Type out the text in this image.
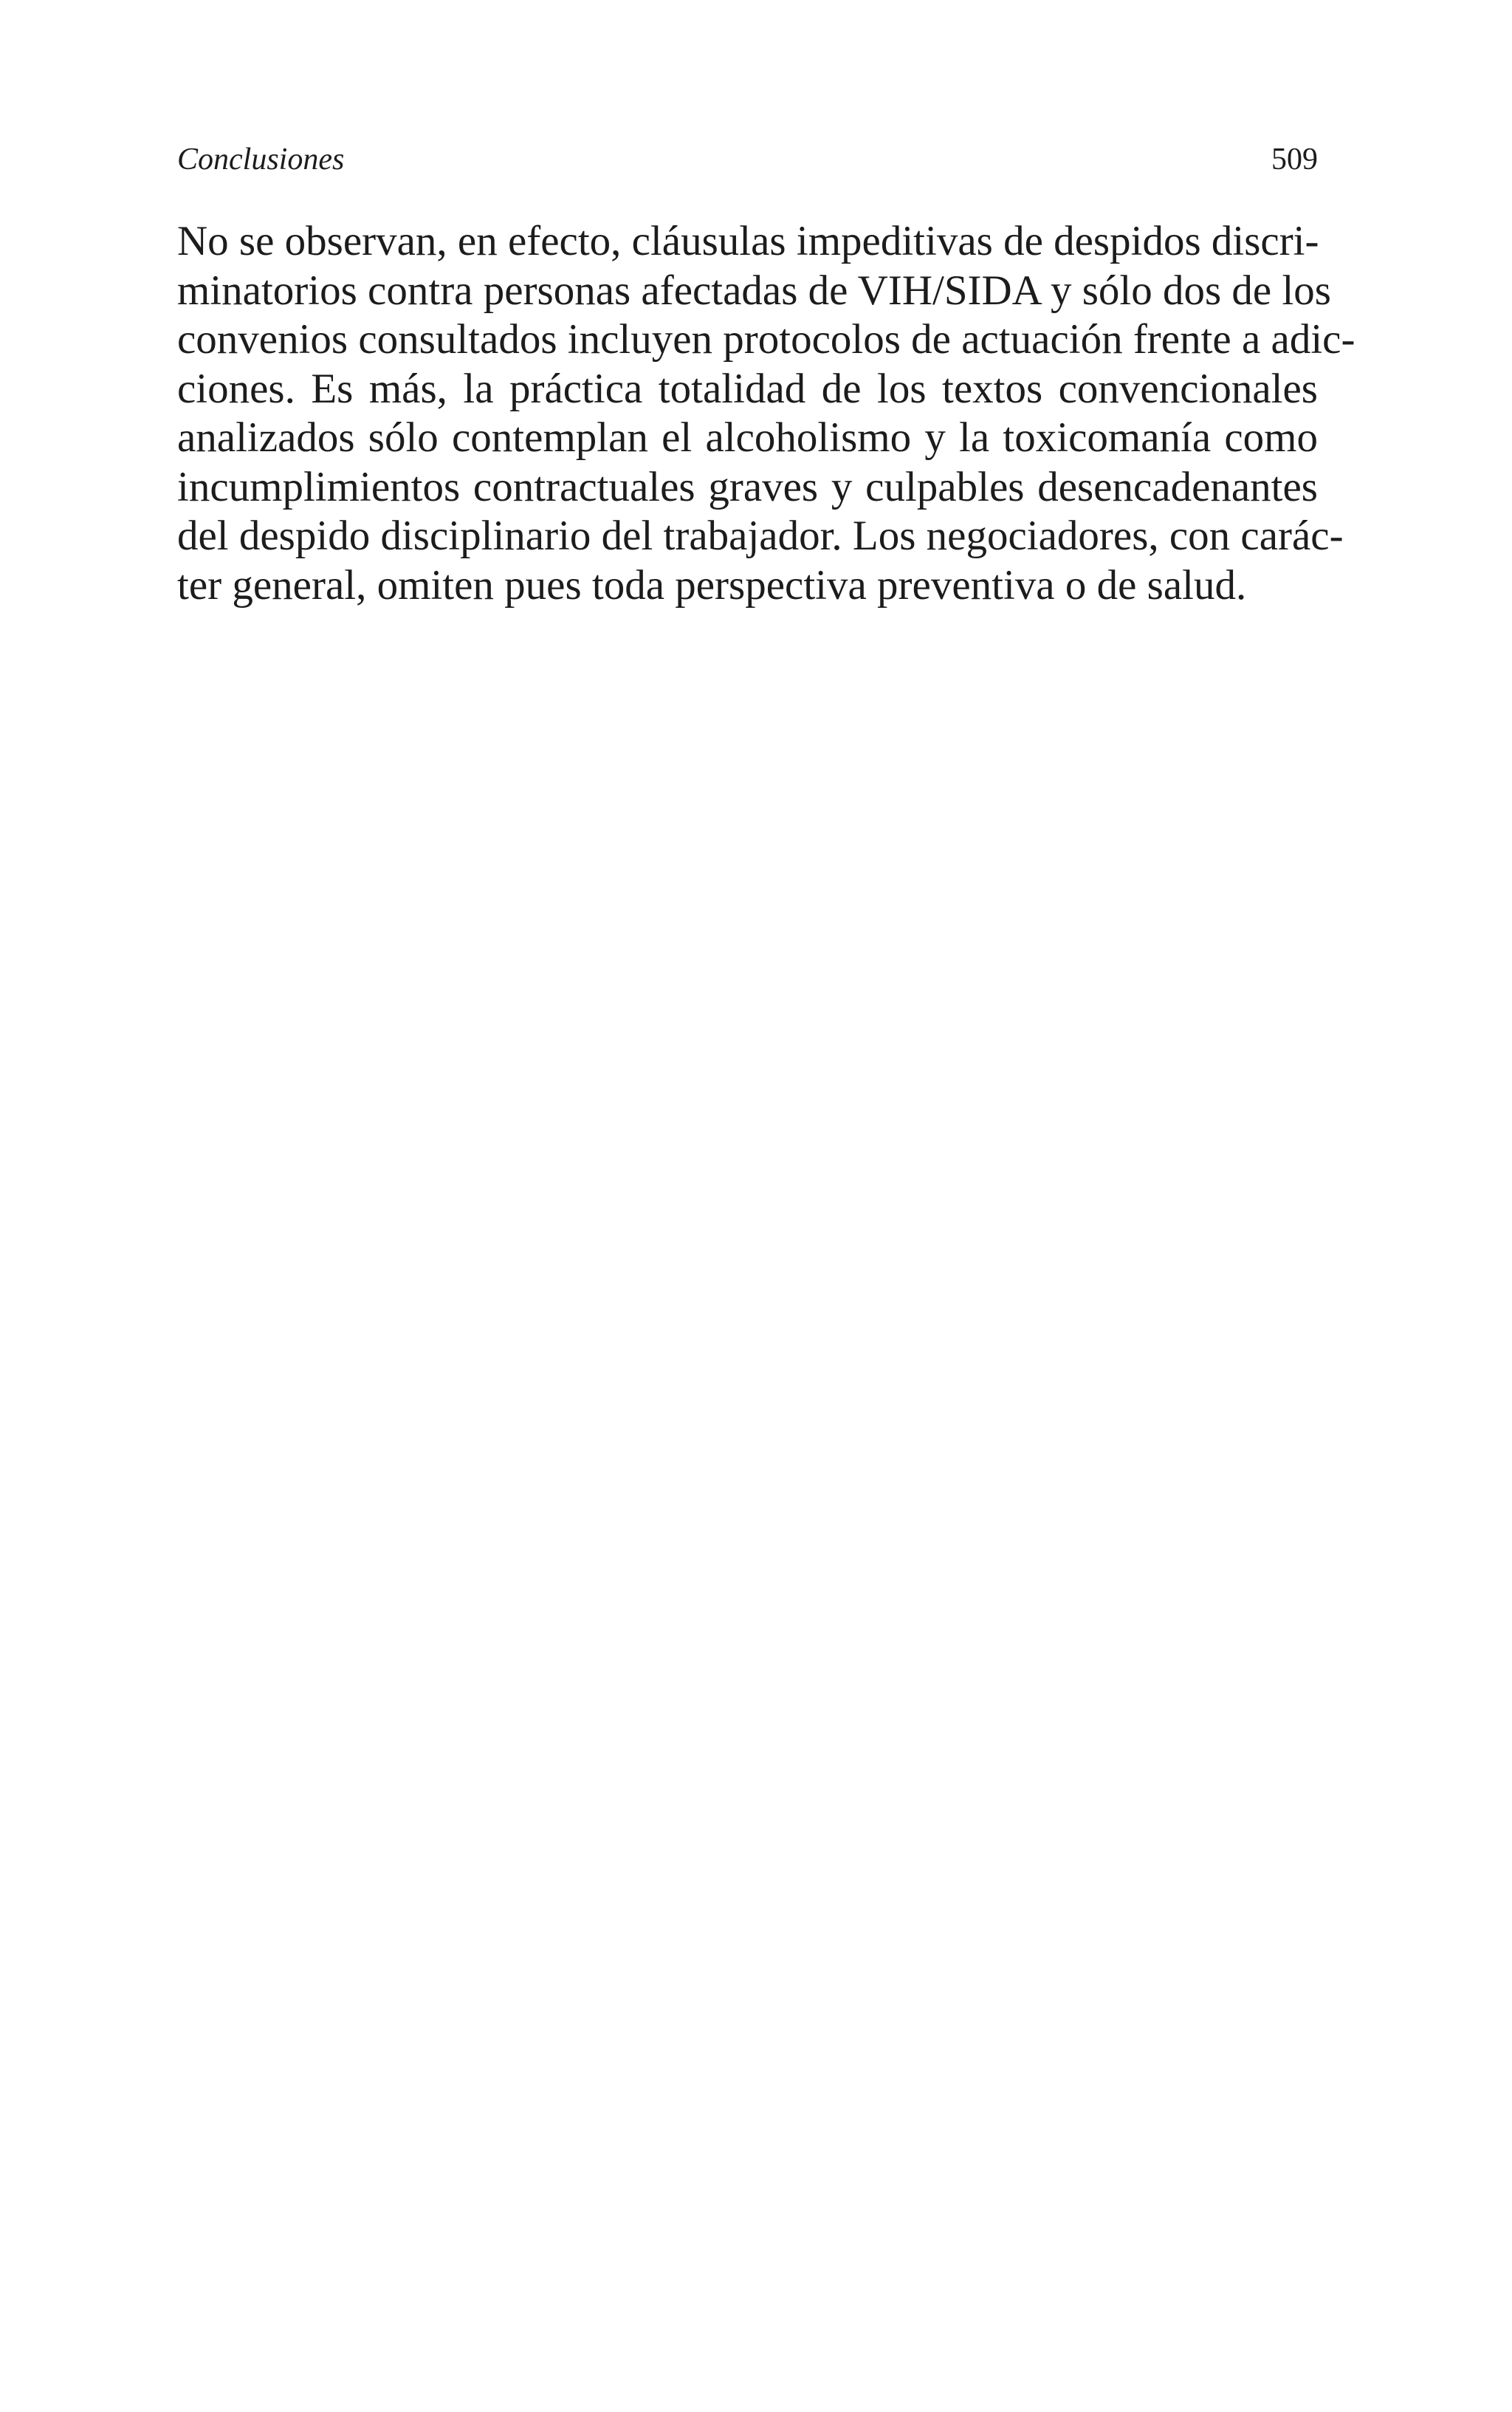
Conclusiones	509
No se observan, en efecto, cláusulas impeditivas de despidos discri-
minatorios contra personas afectadas de VIH/SIDA y sólo dos de los
convenios consultados incluyen protocolos de actuación frente a adic-
ciones. Es más, la práctica totalidad de los textos convencionales
analizados sólo contemplan el alcoholismo y la toxicomanía como
incumplimientos contractuales graves y culpables desencadenantes
del despido disciplinario del trabajador. Los negociadores, con carác-
ter general, omiten pues toda perspectiva preventiva o de salud.
